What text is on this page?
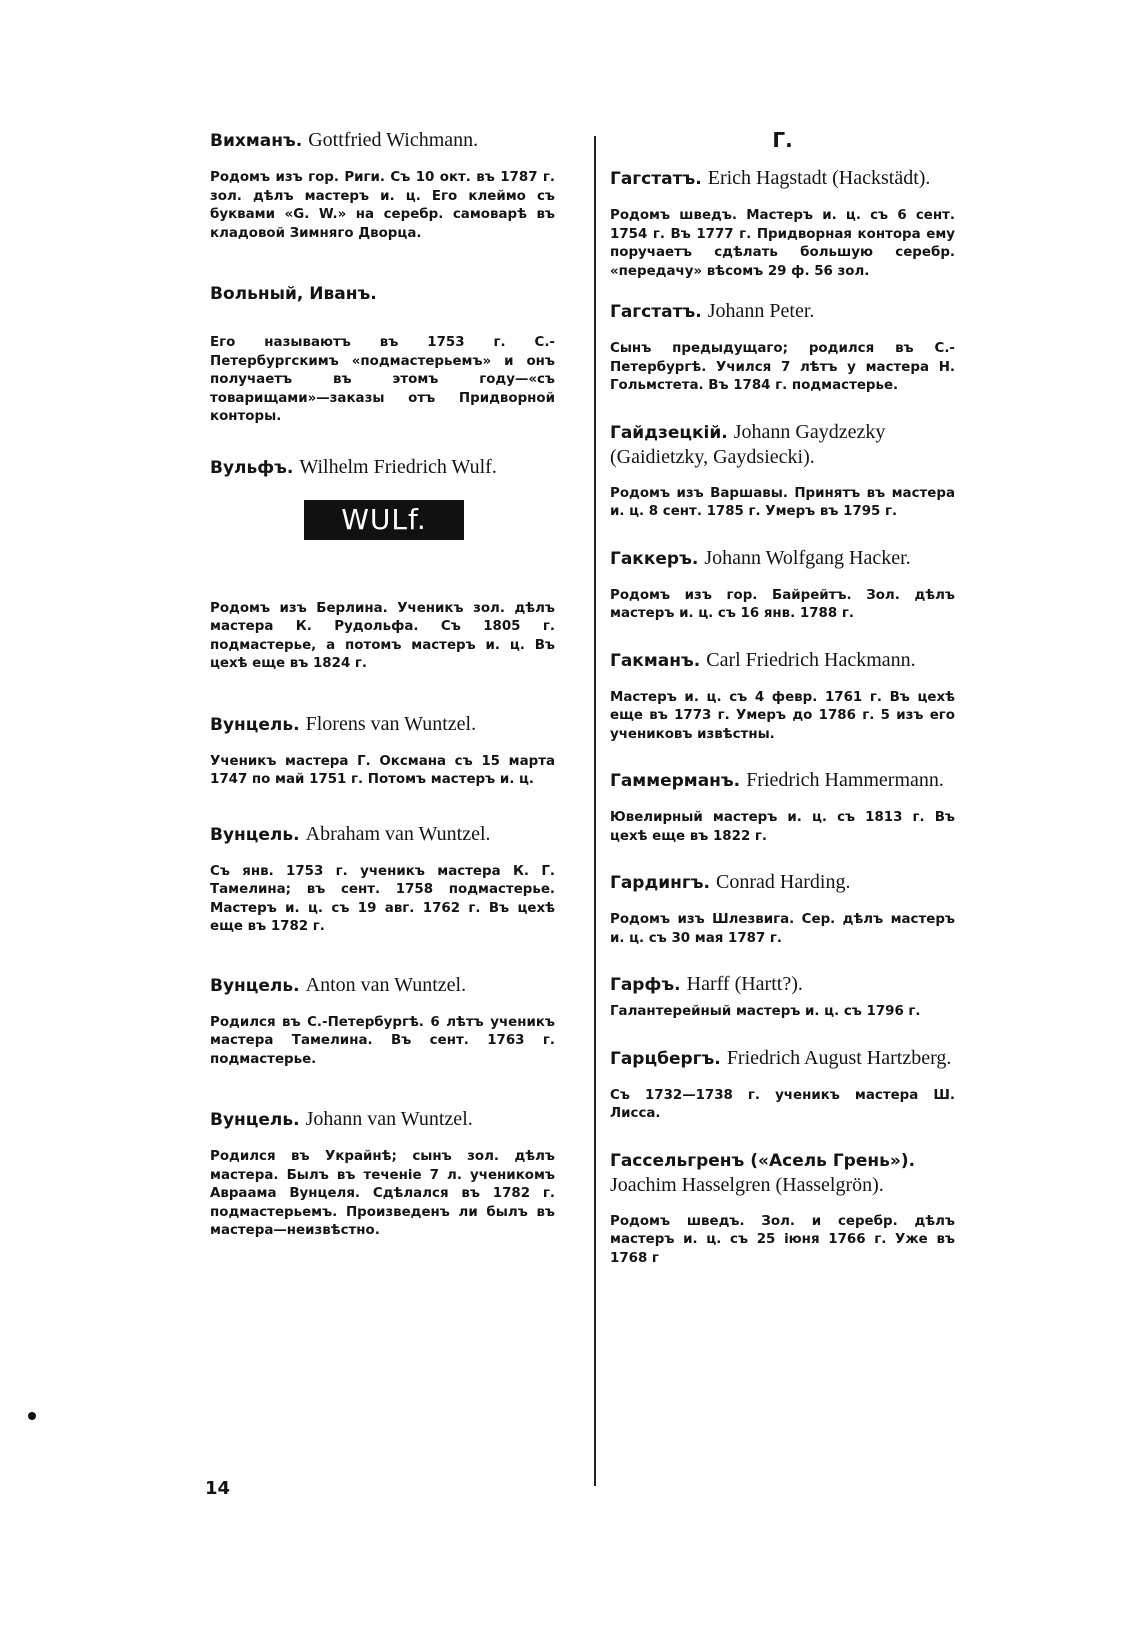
Вихманъ. Gottfried Wichmann.

Родомъ изъ гор. Риги. Съ 10 окт. въ 1787 г. зол. дѣлъ мастеръ и. ц. Его клеймо съ буквами «G. W.» на серебр. самоварѣ въ кладовой Зимняго Дворца.

Вольный, Иванъ.

Его называютъ въ 1753 г. С.-Петербургскимъ «подмастерьемъ» и онъ получаетъ въ этомъ году—«съ товарищами»—заказы отъ Придворной конторы.

Вульфъ. Wilhelm Friedrich Wulf.

WULf.

Родомъ изъ Берлина. Ученикъ зол. дѣлъ мастера К. Рудольфа. Съ 1805 г. подмастерье, а потомъ мастеръ и. ц. Въ цехѣ еще въ 1824 г.

Вунцель. Florens van Wuntzel.

Ученикъ мастера Г. Оксмана съ 15 марта 1747 по май 1751 г. Потомъ мастеръ и. ц.

Вунцель. Abraham van Wuntzel.

Съ янв. 1753 г. ученикъ мастера К. Г. Тамелина; въ сент. 1758 подмастерье. Мастеръ и. ц. съ 19 авг. 1762 г. Въ цехѣ еще въ 1782 г.

Вунцель. Anton van Wuntzel.

Родился въ С.-Петербургѣ. 6 лѣтъ ученикъ мастера Тамелина. Въ сент. 1763 г. подмастерье.

Вунцель. Johann van Wuntzel.

Родился въ Украйнѣ; сынъ зол. дѣлъ мастера. Былъ въ теченіе 7 л. ученикомъ Авраама Вунцеля. Сдѣлался въ 1782 г. подмастерьемъ. Произведенъ ли былъ въ мастера—неизвѣстно.

Г.

Гагстатъ. Erich Hagstadt (Hackstädt).

Родомъ шведъ. Мастеръ и. ц. съ 6 сент. 1754 г. Въ 1777 г. Придворная контора ему поручаетъ сдѣлать большую серебр. «передачу» вѣсомъ 29 ф. 56 зол.

Гагстатъ. Johann Peter.

Сынъ предыдущаго; родился въ С.-Петербургѣ. Учился 7 лѣтъ у мастера Н. Гольмстета. Въ 1784 г. подмастерье.

Гайдзецкій. Johann Gaydzezky (Gaidietzky, Gaydsiecki).

Родомъ изъ Варшавы. Принятъ въ мастера и. ц. 8 сент. 1785 г. Умеръ въ 1795 г.

Гаккеръ. Johann Wolfgang Hacker.

Родомъ изъ гор. Байрейтъ. Зол. дѣлъ мастеръ и. ц. съ 16 янв. 1788 г.

Гакманъ. Carl Friedrich Hackmann.

Мастеръ и. ц. съ 4 февр. 1761 г. Въ цехѣ еще въ 1773 г. Умеръ до 1786 г. 5 изъ его учениковъ извѣстны.

Гаммерманъ. Friedrich Hammermann.

Ювелирный мастеръ и. ц. съ 1813 г. Въ цехѣ еще въ 1822 г.

Гардингъ. Conrad Harding.

Родомъ изъ Шлезвига. Сер. дѣлъ мастеръ и. ц. съ 30 мая 1787 г.

Гарфъ. Harff (Hartt?).

Галантерейный мастеръ и. ц. съ 1796 г.

Гарцбергъ. Friedrich August Hartzberg.

Съ 1732—1738 г. ученикъ мастера Ш. Лисса.

Гассельгренъ («Асель Грень»). Joachim Hasselgren (Hasselgrön).

Родомъ шведъ. Зол. и серебр. дѣлъ мастеръ и. ц. съ 25 іюня 1766 г. Уже въ 1768 г

14
